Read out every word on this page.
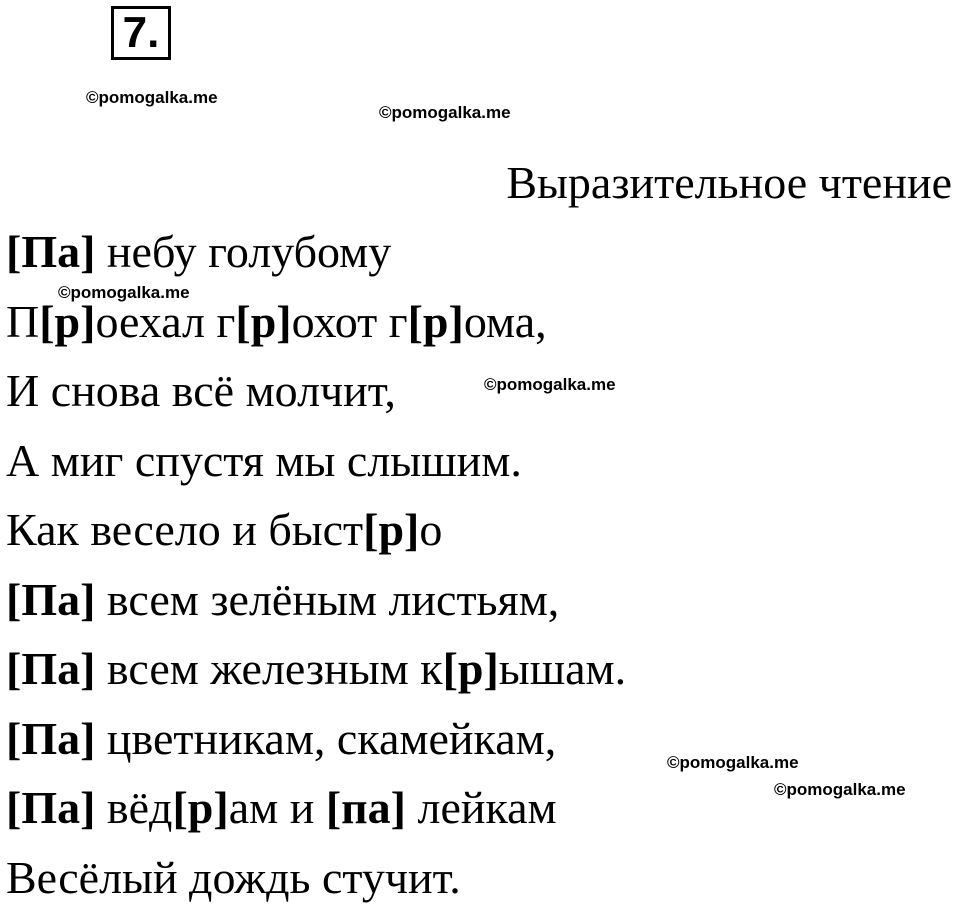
7.
©pomogalka.me
©pomogalka.me
©pomogalka.me
©pomogalka.me
©pomogalka.me
©pomogalka.me
Выразительное чтение
[Па] небу голубому
П[р]оехал г[р]охот г[р]ома,
И снова всё молчит,
А миг спустя мы слышим.
Как весело и быст[р]о
[Па] всем зелёным листьям,
[Па] всем железным к[р]ышам.
[Па] цветникам, скамейкам,
[Па] вёд[р]ам и [па] лейкам
Весёлый дождь стучит.
